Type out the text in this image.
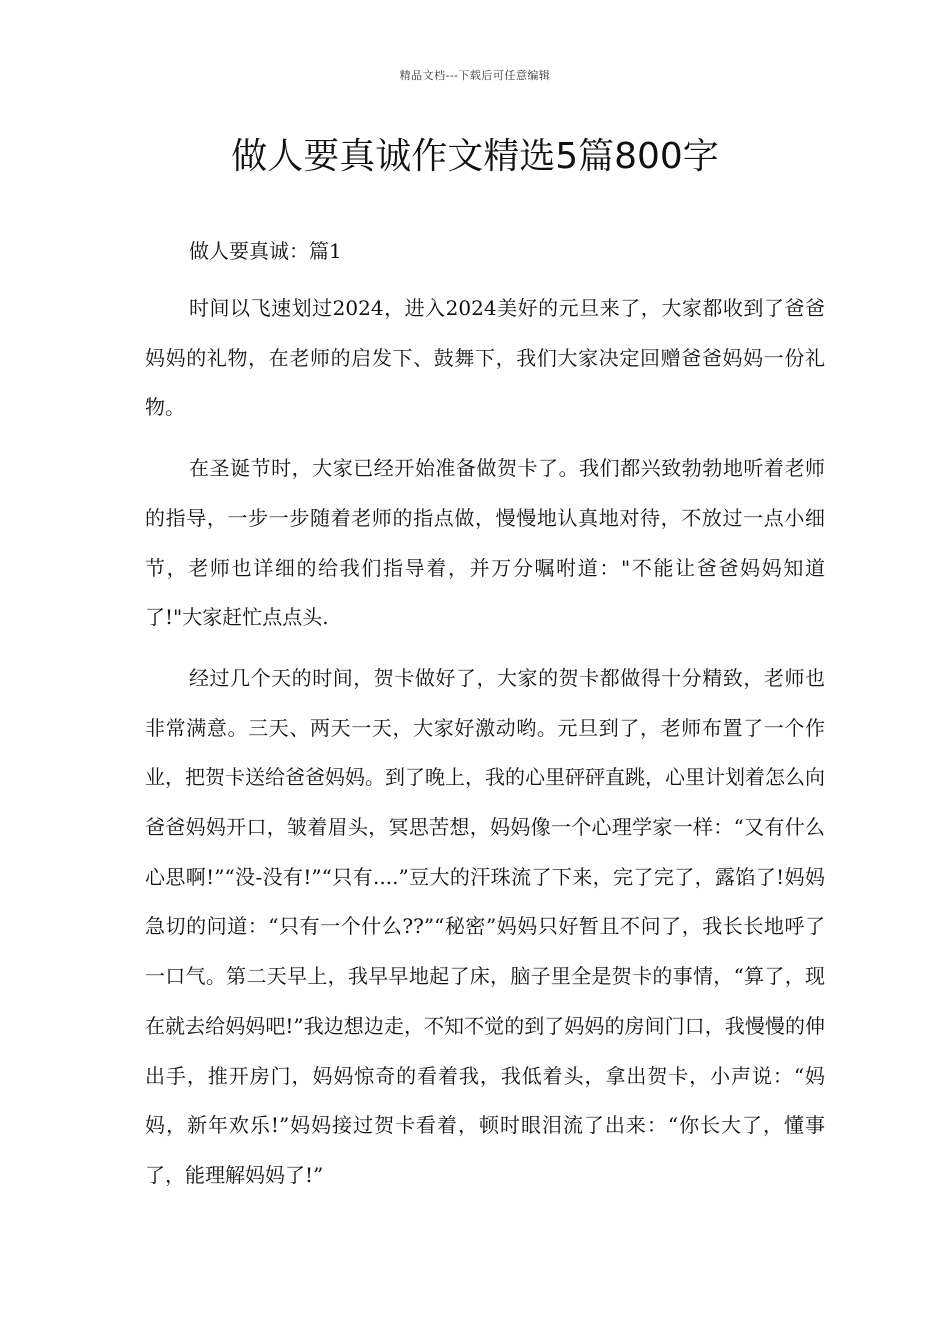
精品文档---下载后可任意编辑
做人要真诚作文精选5篇800字

做人要真诚：篇1

时间以飞速划过2024，进入2024美好的元旦来了，大家都收到了爸爸妈妈的礼物，在老师的启发下、鼓舞下，我们大家决定回赠爸爸妈妈一份礼物。

在圣诞节时，大家已经开始准备做贺卡了。我们都兴致勃勃地听着老师的指导，一步一步随着老师的指点做，慢慢地认真地对待，不放过一点小细节，老师也详细的给我们指导着，并万分嘱咐道："不能让爸爸妈妈知道了!"大家赶忙点点头.

经过几个天的时间，贺卡做好了，大家的贺卡都做得十分精致，老师也非常满意。三天、两天一天，大家好激动哟。元旦到了，老师布置了一个作业，把贺卡送给爸爸妈妈。到了晚上，我的心里砰砰直跳，心里计划着怎么向爸爸妈妈开口，皱着眉头，冥思苦想，妈妈像一个心理学家一样：“又有什么心思啊!”“没-没有!”“只有....”豆大的汗珠流了下来，完了完了，露馅了!妈妈急切的问道：“只有一个什么??”“秘密”妈妈只好暂且不问了，我长长地呼了一口气。第二天早上，我早早地起了床，脑子里全是贺卡的事情，“算了，现在就去给妈妈吧!”我边想边走，不知不觉的到了妈妈的房间门口，我慢慢的伸出手，推开房门，妈妈惊奇的看着我，我低着头，拿出贺卡，小声说：“妈妈，新年欢乐!”妈妈接过贺卡看着，顿时眼泪流了出来：“你长大了，懂事了，能理解妈妈了!”
